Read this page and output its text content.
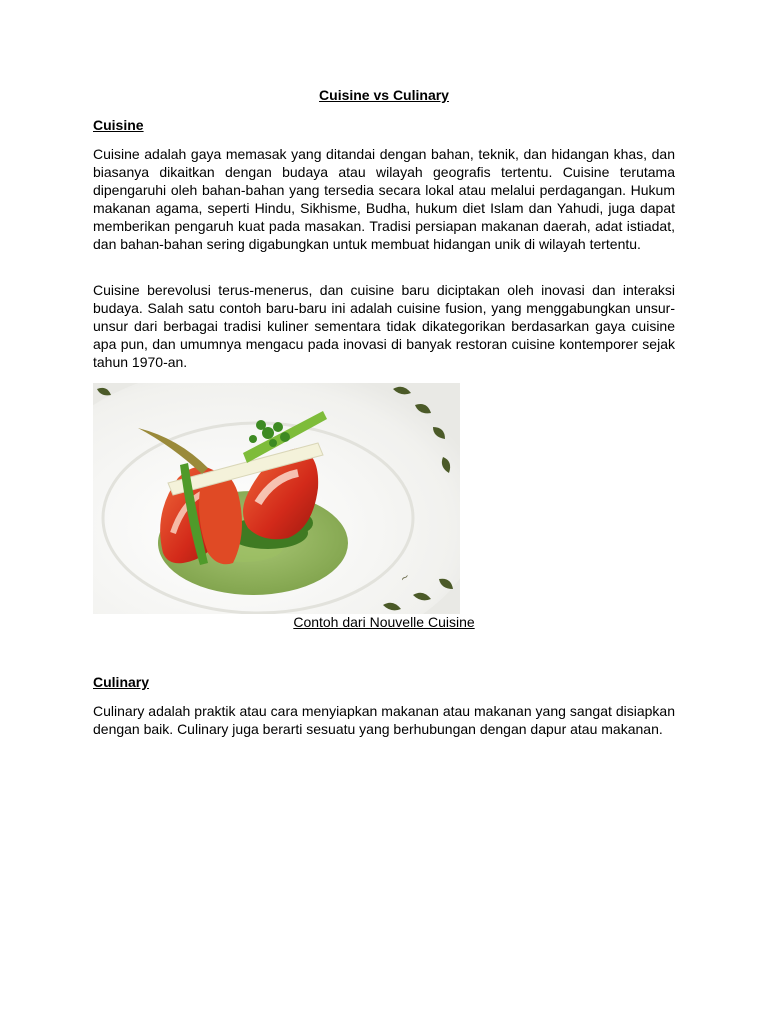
Cuisine vs Culinary
Cuisine

Cuisine adalah gaya memasak yang ditandai dengan bahan, teknik, dan hidangan khas, dan biasanya dikaitkan dengan budaya atau wilayah geografis tertentu. Cuisine terutama dipengaruhi oleh bahan-bahan yang tersedia secara lokal atau melalui perdagangan. Hukum makanan agama, seperti Hindu, Sikhisme, Budha, hukum diet Islam dan Yahudi, juga dapat memberikan pengaruh kuat pada masakan. Tradisi persiapan makanan daerah, adat istiadat, dan bahan-bahan sering digabungkan untuk membuat hidangan unik di wilayah tertentu.

Cuisine berevolusi terus-menerus, dan cuisine baru diciptakan oleh inovasi dan interaksi budaya. Salah satu contoh baru-baru ini adalah cuisine fusion, yang menggabungkan unsur-unsur dari berbagai tradisi kuliner sementara tidak dikategorikan berdasarkan gaya cuisine apa pun, dan umumnya mengacu pada inovasi di banyak restoran cuisine kontemporer sejak tahun 1970-an.

Contoh dari Nouvelle Cuisine
Culinary

Culinary adalah praktik atau cara menyiapkan makanan atau makanan yang sangat disiapkan dengan baik. Culinary juga berarti sesuatu yang berhubungan dengan dapur atau makanan.

~
